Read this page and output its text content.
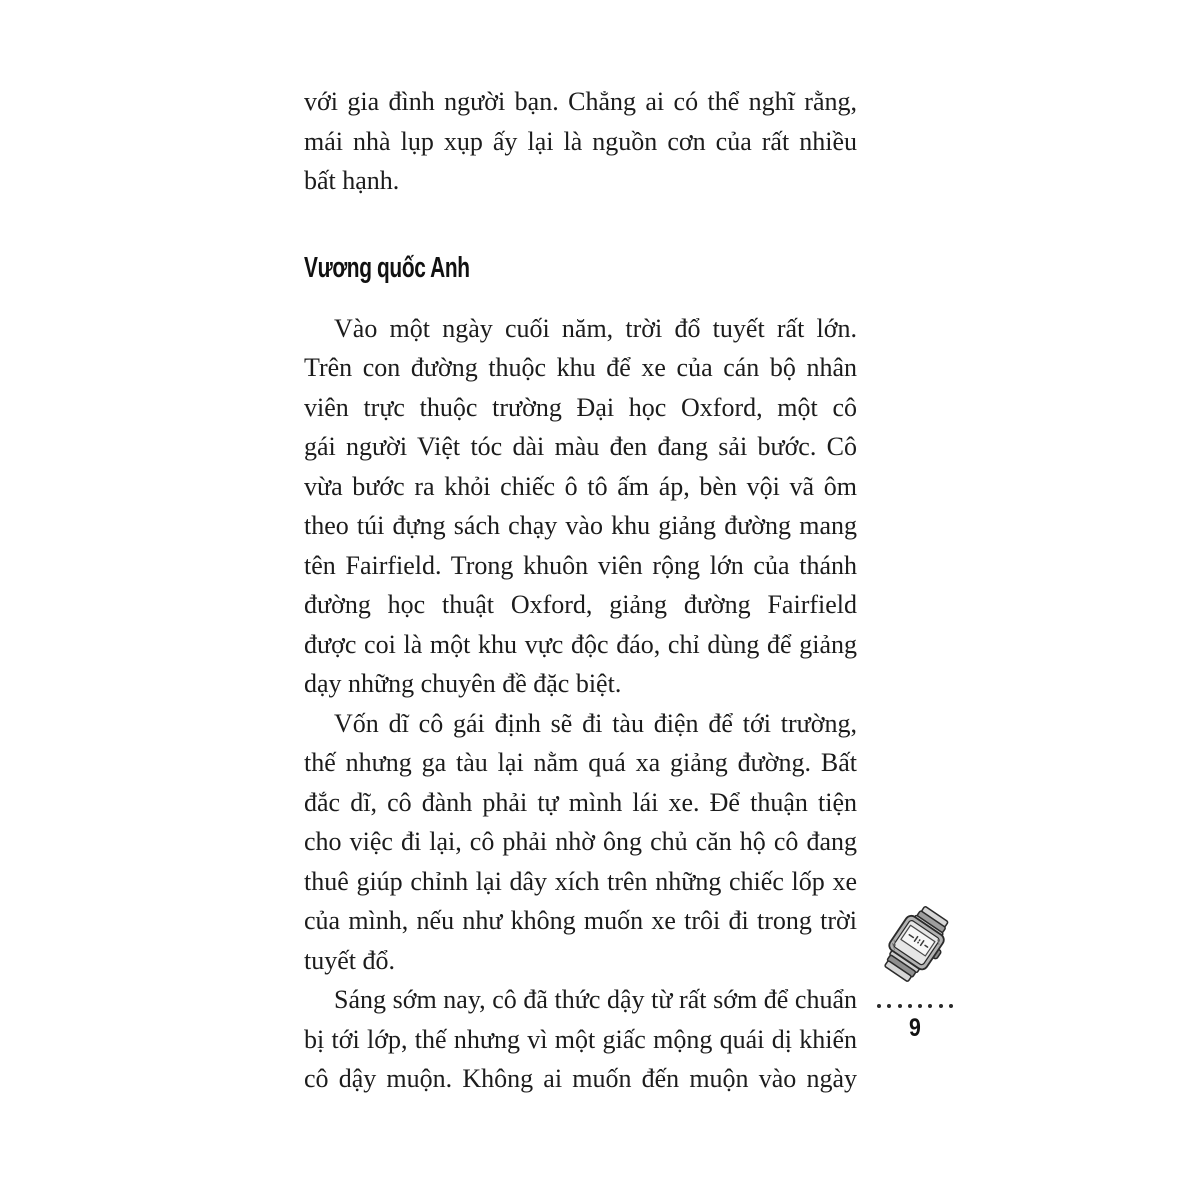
với gia đình người bạn. Chẳng ai có thể nghĩ rằng,
mái nhà lụp xụp ấy lại là nguồn cơn của rất nhiều
bất hạnh.
Vương quốc Anh
Vào một ngày cuối năm, trời đổ tuyết rất lớn.
Trên con đường thuộc khu để xe của cán bộ nhân
viên trực thuộc trường Đại học Oxford, một cô
gái người Việt tóc dài màu đen đang sải bước. Cô
vừa bước ra khỏi chiếc ô tô ấm áp, bèn vội vã ôm
theo túi đựng sách chạy vào khu giảng đường mang
tên Fairfield. Trong khuôn viên rộng lớn của thánh
đường học thuật Oxford, giảng đường Fairfield
được coi là một khu vực độc đáo, chỉ dùng để giảng
dạy những chuyên đề đặc biệt.
Vốn dĩ cô gái định sẽ đi tàu điện để tới trường,
thế nhưng ga tàu lại nằm quá xa giảng đường. Bất
đắc dĩ, cô đành phải tự mình lái xe. Để thuận tiện
cho việc đi lại, cô phải nhờ ông chủ căn hộ cô đang
thuê giúp chỉnh lại dây xích trên những chiếc lốp xe
của mình, nếu như không muốn xe trôi đi trong trời
tuyết đổ.
Sáng sớm nay, cô đã thức dậy từ rất sớm để chuẩn
bị tới lớp, thế nhưng vì một giấc mộng quái dị khiến
cô dậy muộn. Không ai muốn đến muộn vào ngày
9
